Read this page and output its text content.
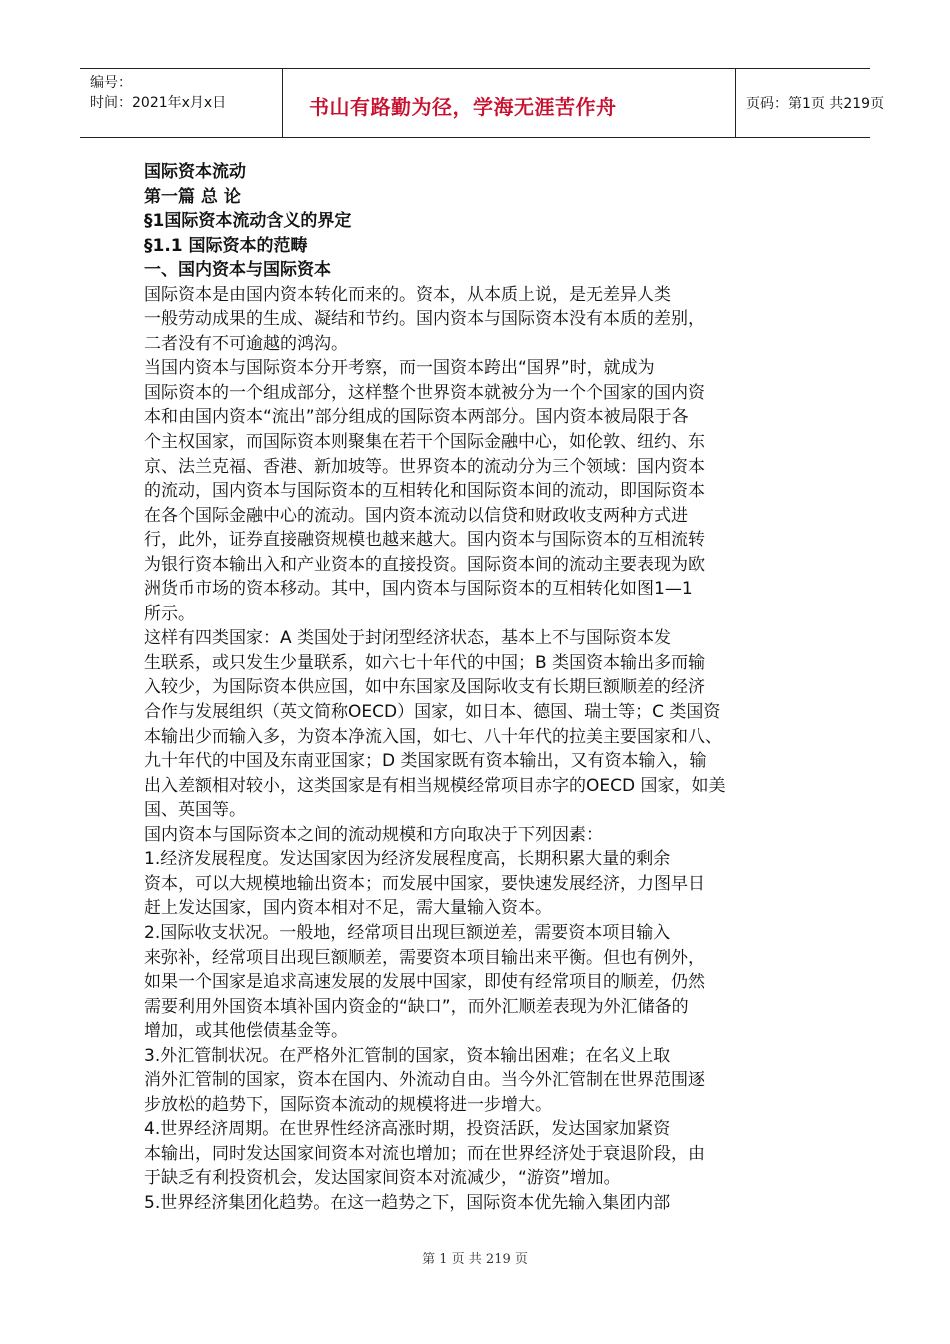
编号：
时间：2021年x月x日	书山有路勤为径，学海无涯苦作舟	页码：第1页 共219页
国际资本流动
第一篇 总 论
§1国际资本流动含义的界定
§1.1 国际资本的范畴
一、国内资本与国际资本
国际资本是由国内资本转化而来的。资本，从本质上说，是无差异人类
一般劳动成果的生成、凝结和节约。国内资本与国际资本没有本质的差别，
二者没有不可逾越的鸿沟。
当国内资本与国际资本分开考察，而一国资本跨出“国界”时，就成为
国际资本的一个组成部分，这样整个世界资本就被分为一个个国家的国内资
本和由国内资本“流出”部分组成的国际资本两部分。国内资本被局限于各
个主权国家，而国际资本则聚集在若干个国际金融中心，如伦敦、纽约、东
京、法兰克福、香港、新加坡等。世界资本的流动分为三个领域：国内资本
的流动，国内资本与国际资本的互相转化和国际资本间的流动，即国际资本
在各个国际金融中心的流动。国内资本流动以信贷和财政收支两种方式进
行，此外，证券直接融资规模也越来越大。国内资本与国际资本的互相流转
为银行资本输出入和产业资本的直接投资。国际资本间的流动主要表现为欧
洲货币市场的资本移动。其中，国内资本与国际资本的互相转化如图1—1
所示。
这样有四类国家：A 类国处于封闭型经济状态，基本上不与国际资本发
生联系，或只发生少量联系，如六七十年代的中国；B 类国资本输出多而输
入较少，为国际资本供应国，如中东国家及国际收支有长期巨额顺差的经济
合作与发展组织（英文简称OECD）国家，如日本、德国、瑞士等；C 类国资
本输出少而输入多，为资本净流入国，如七、八十年代的拉美主要国家和八、
九十年代的中国及东南亚国家；D 类国家既有资本输出，又有资本输入，输
出入差额相对较小，这类国家是有相当规模经常项目赤字的OECD 国家，如美
国、英国等。
国内资本与国际资本之间的流动规模和方向取决于下列因素：
1.经济发展程度。发达国家因为经济发展程度高，长期积累大量的剩余
资本，可以大规模地输出资本；而发展中国家，要快速发展经济，力图早日
赶上发达国家，国内资本相对不足，需大量输入资本。
2.国际收支状况。一般地，经常项目出现巨额逆差，需要资本项目输入
来弥补，经常项目出现巨额顺差，需要资本项目输出来平衡。但也有例外，
如果一个国家是追求高速发展的发展中国家，即使有经常项目的顺差，仍然
需要利用外国资本填补国内资金的“缺口”，而外汇顺差表现为外汇储备的
增加，或其他偿债基金等。
3.外汇管制状况。在严格外汇管制的国家，资本输出困难；在名义上取
消外汇管制的国家，资本在国内、外流动自由。当今外汇管制在世界范围逐
步放松的趋势下，国际资本流动的规模将进一步增大。
4.世界经济周期。在世界性经济高涨时期，投资活跃，发达国家加紧资
本输出，同时发达国家间资本对流也增加；而在世界经济处于衰退阶段，由
于缺乏有利投资机会，发达国家间资本对流减少，“游资”增加。
5.世界经济集团化趋势。在这一趋势之下，国际资本优先输入集团内部
第 1 页 共 219 页
